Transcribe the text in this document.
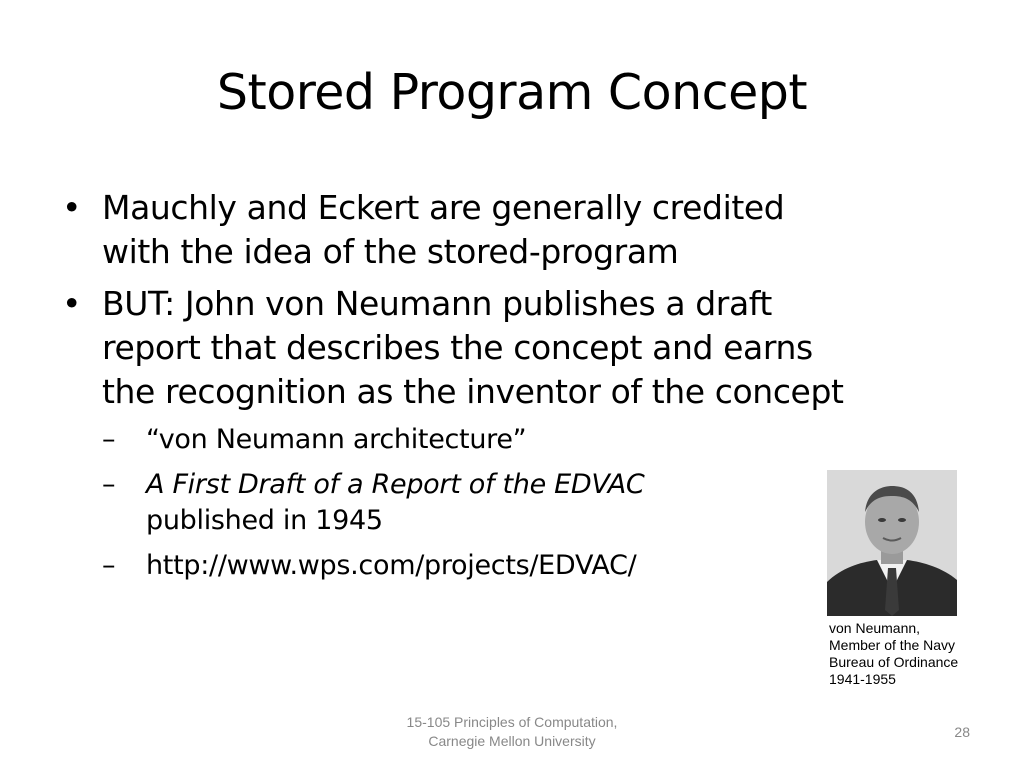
Stored Program Concept
• Mauchly and Eckert are generally credited
with the idea of the stored-program
• BUT: John von Neumann publishes a draft
report that describes the concept and earns
the recognition as the inventor of the concept
–	“von Neumann architecture”
–	A First Draft of a Report of the EDVAC
published in 1945
–	http://www.wps.com/projects/EDVAC/
von Neumann,
Member of the Navy
Bureau of Ordinance
1941-1955
15-105 Principles of Computation,
Carnegie Mellon University
28
